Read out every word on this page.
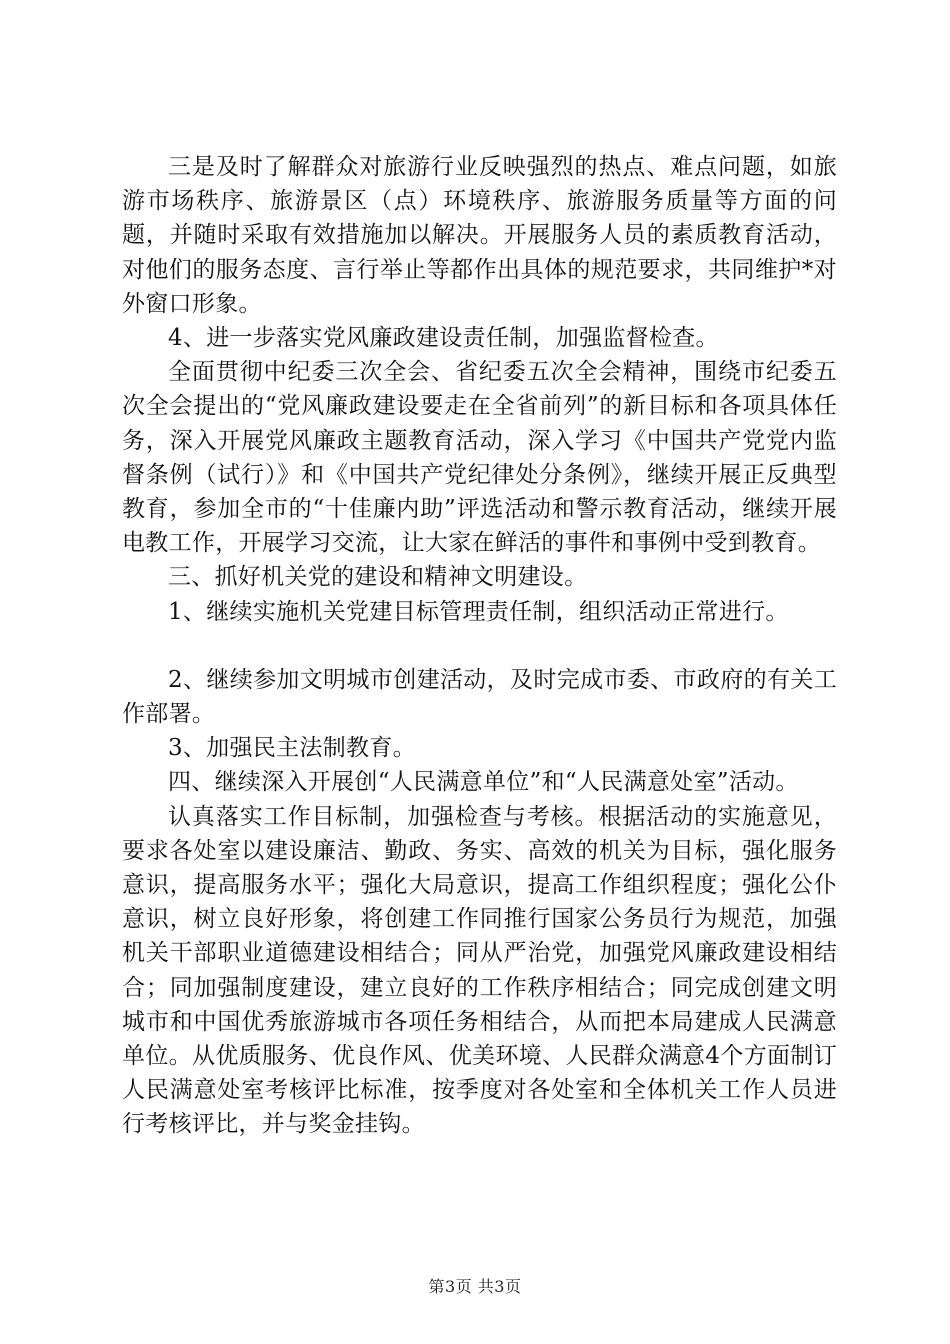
三是及时了解群众对旅游行业反映强烈的热点、难点问题，如旅游市场秩序、旅游景区（点）环境秩序、旅游服务质量等方面的问题，并随时采取有效措施加以解决。开展服务人员的素质教育活动，对他们的服务态度、言行举止等都作出具体的规范要求，共同维护*对外窗口形象。

4、进一步落实党风廉政建设责任制，加强监督检查。

全面贯彻中纪委三次全会、省纪委五次全会精神，围绕市纪委五次全会提出的“党风廉政建设要走在全省前列”的新目标和各项具体任务，深入开展党风廉政主题教育活动，深入学习《中国共产党党内监督条例（试行）》和《中国共产党纪律处分条例》，继续开展正反典型教育，参加全市的“十佳廉内助”评选活动和警示教育活动，继续开展电教工作，开展学习交流，让大家在鲜活的事件和事例中受到教育。

三、抓好机关党的建设和精神文明建设。

1、继续实施机关党建目标管理责任制，组织活动正常进行。

2、继续参加文明城市创建活动，及时完成市委、市政府的有关工作部署。

3、加强民主法制教育。

四、继续深入开展创“人民满意单位”和“人民满意处室”活动。

认真落实工作目标制，加强检查与考核。根据活动的实施意见，要求各处室以建设廉洁、勤政、务实、高效的机关为目标，强化服务意识，提高服务水平；强化大局意识，提高工作组织程度；强化公仆意识，树立良好形象，将创建工作同推行国家公务员行为规范，加强机关干部职业道德建设相结合；同从严治党，加强党风廉政建设相结合；同加强制度建设，建立良好的工作秩序相结合；同完成创建文明城市和中国优秀旅游城市各项任务相结合，从而把本局建成人民满意单位。从优质服务、优良作风、优美环境、人民群众满意4个方面制订人民满意处室考核评比标准，按季度对各处室和全体机关工作人员进行考核评比，并与奖金挂钩。

第3页 共3页
